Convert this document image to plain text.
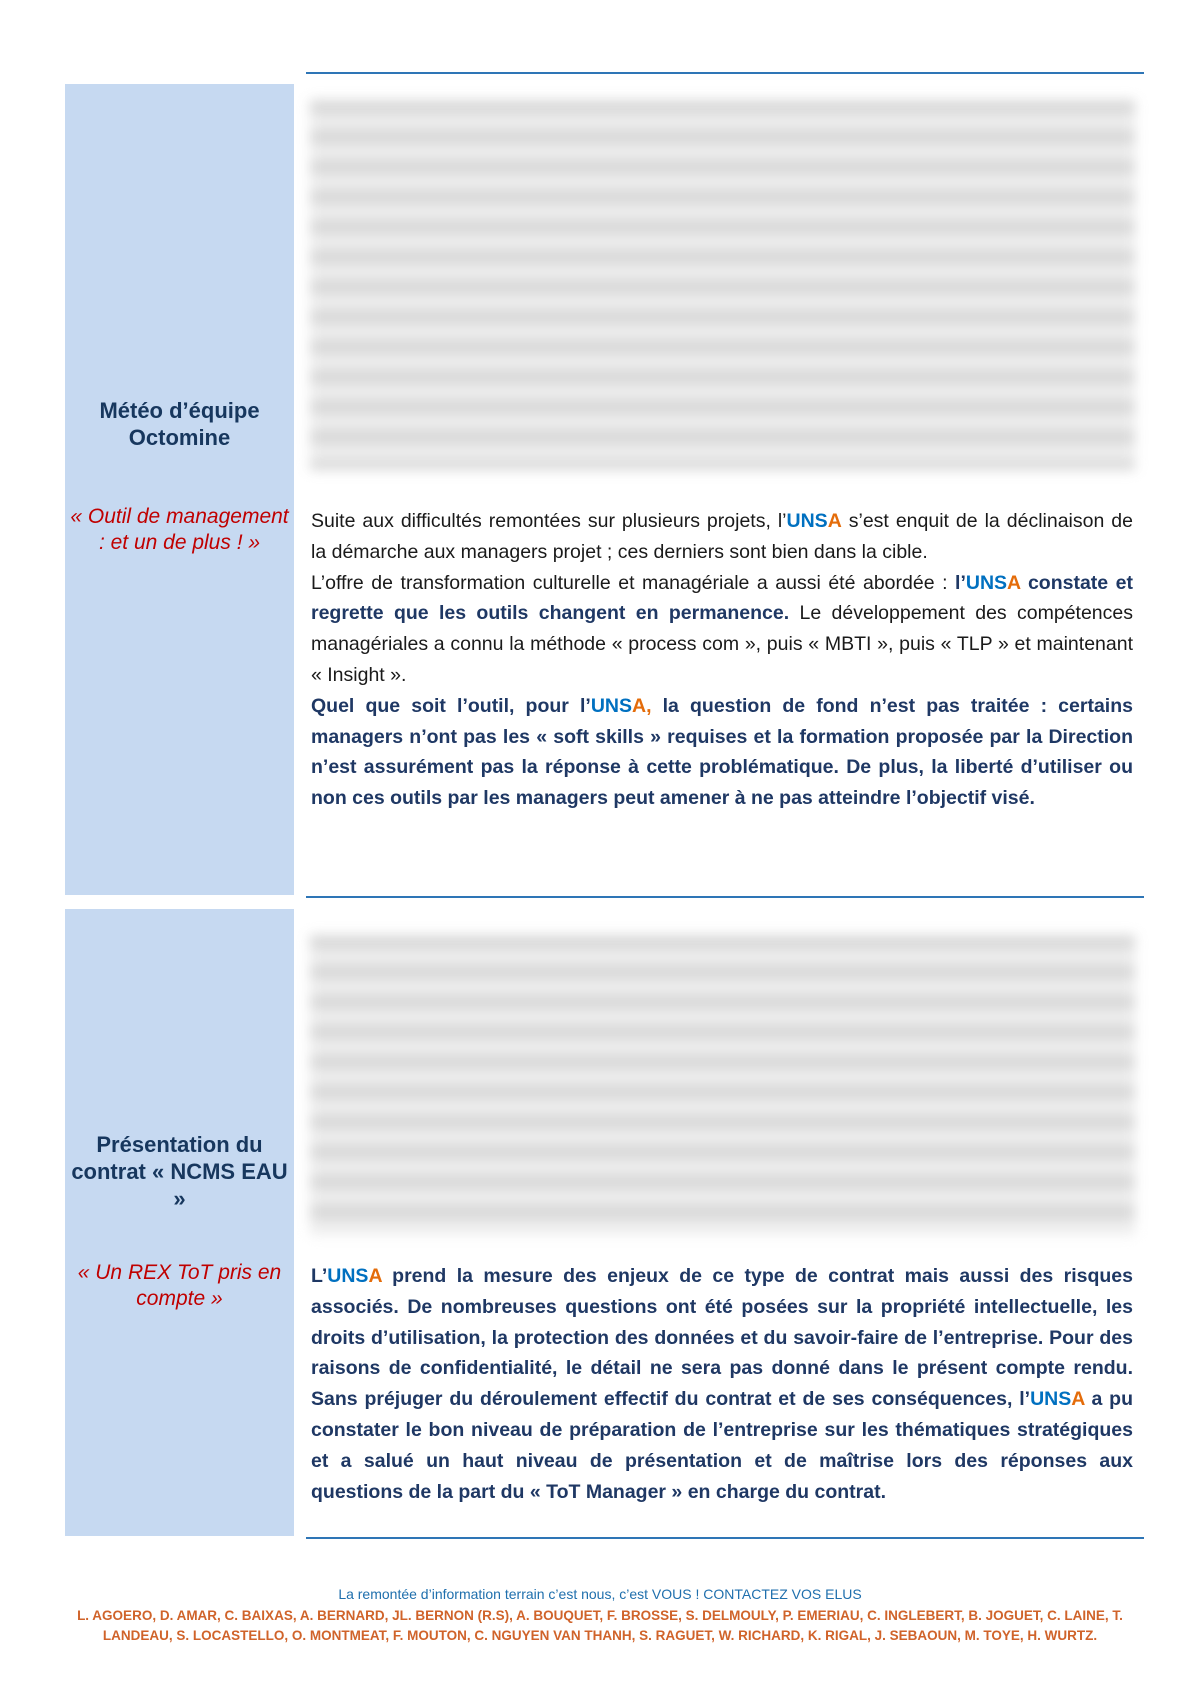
Météo d’équipe Octomine
« Outil de management : et un de plus ! »
Suite aux difficultés remontées sur plusieurs projets, l’UNSA s’est enquit de la déclinaison de la démarche aux managers projet ; ces derniers sont bien dans la cible.
L’offre de transformation culturelle et managériale a aussi été abordée : l’UNSA constate et regrette que les outils changent en permanence. Le développement des compétences managériales a connu la méthode « process com », puis « MBTI », puis « TLP » et maintenant « Insight ».
Quel que soit l’outil, pour l’UNSA, la question de fond n’est pas traitée : certains managers n’ont pas les « soft skills » requises et la formation proposée par la Direction n’est assurément pas la réponse à cette problématique. De plus, la liberté d’utiliser ou non ces outils par les managers peut amener à ne pas atteindre l’objectif visé.
Présentation du contrat « NCMS EAU »
« Un REX ToT pris en compte »
L’UNSA prend la mesure des enjeux de ce type de contrat mais aussi des risques associés. De nombreuses questions ont été posées sur la propriété intellectuelle, les droits d’utilisation, la protection des données et du savoir-faire de l’entreprise. Pour des raisons de confidentialité, le détail ne sera pas donné dans le présent compte rendu. Sans préjuger du déroulement effectif du contrat et de ses conséquences, l’UNSA a pu constater le bon niveau de préparation de l’entreprise sur les thématiques stratégiques et a salué un haut niveau de présentation et de maîtrise lors des réponses aux questions de la part du « ToT Manager » en charge du contrat.
La remontée d’information terrain c’est nous, c’est VOUS ! CONTACTEZ VOS ELUS
L. AGOERO, D. AMAR, C. BAIXAS, A. BERNARD, JL. BERNON (R.S), A. BOUQUET, F. BROSSE, S. DELMOULY, P. EMERIAU, C. INGLEBERT, B. JOGUET, C. LAINE, T. LANDEAU, S. LOCASTELLO, O. MONTMEAT, F. MOUTON, C. NGUYEN VAN THANH, S. RAGUET, W. RICHARD, K. RIGAL, J. SEBAOUN, M. TOYE, H. WURTZ.
